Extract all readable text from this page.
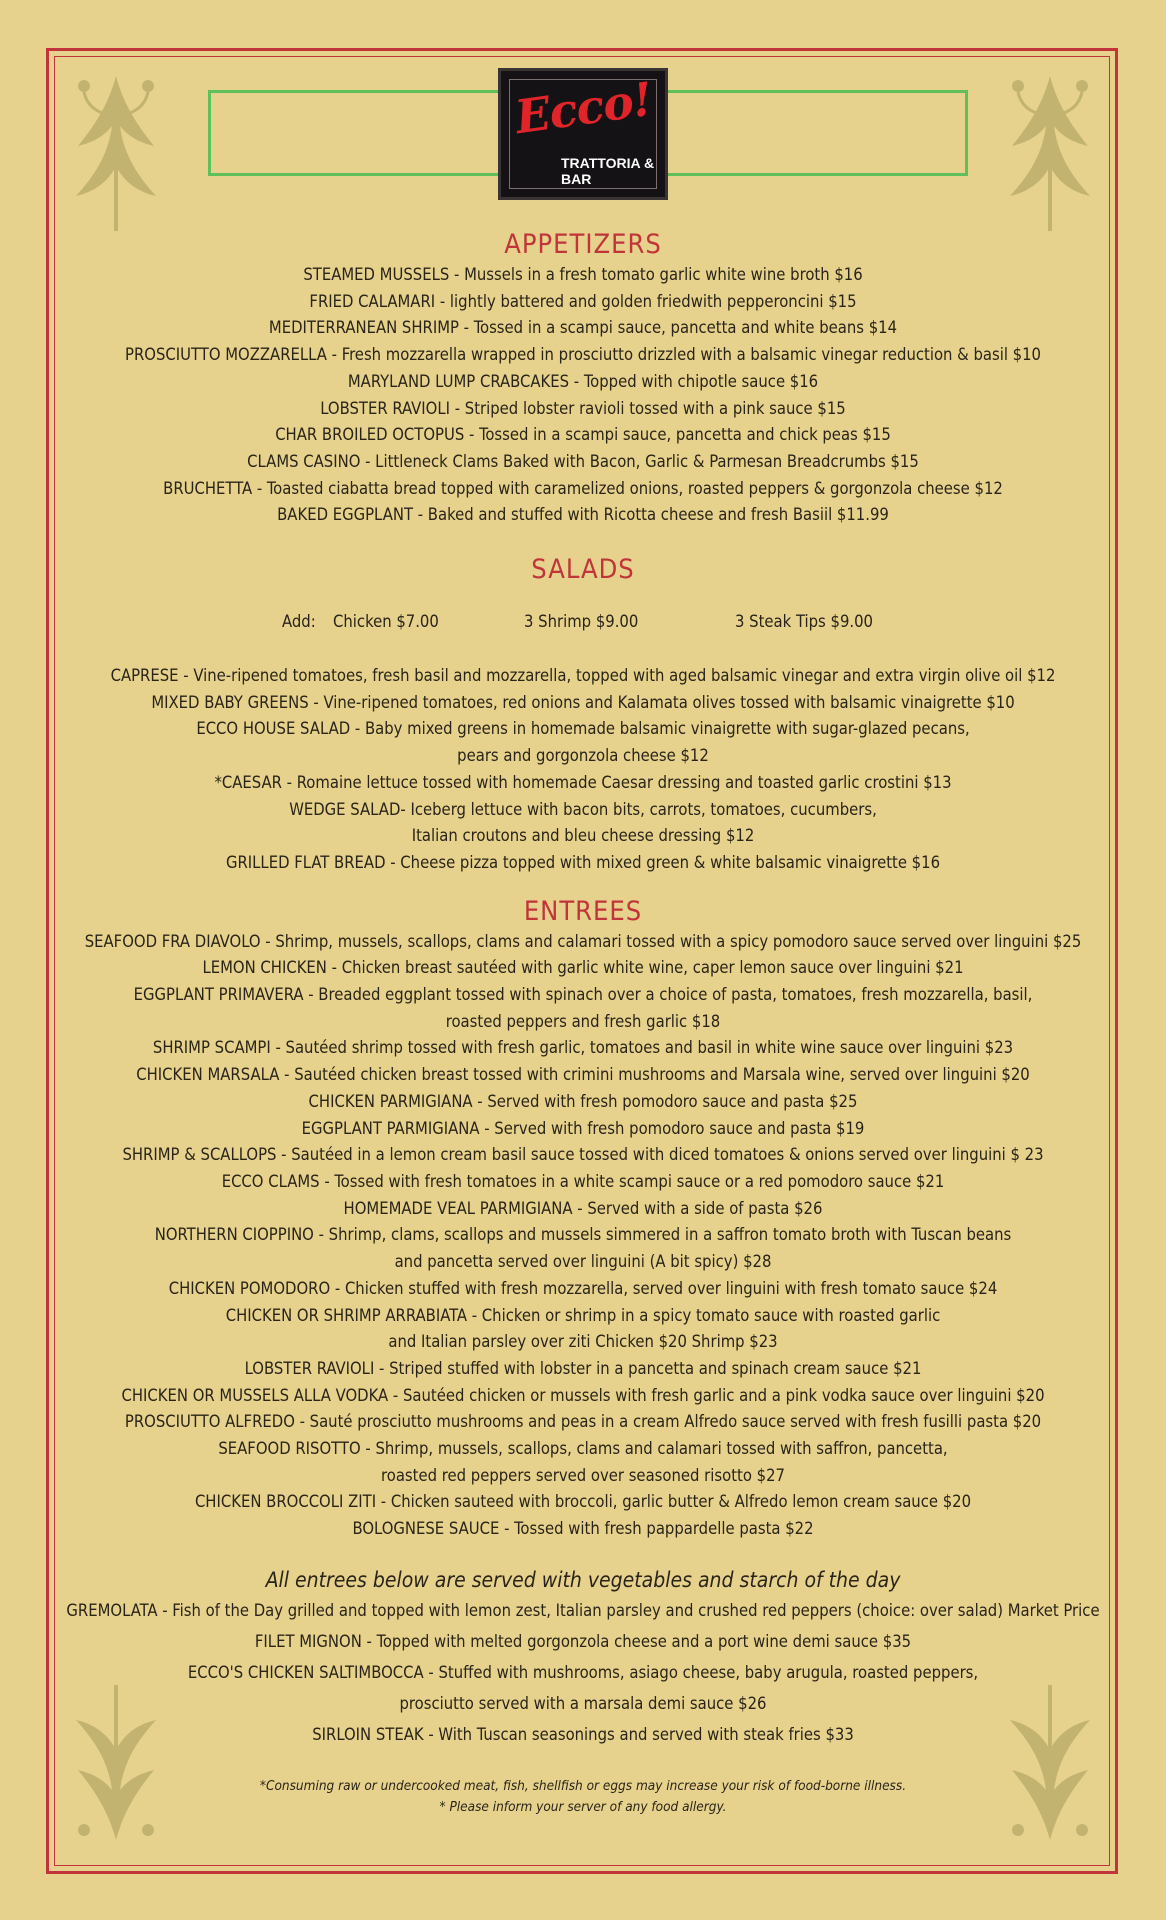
Ecco!
TRATTORIA & BAR
APPETIZERS
STEAMED MUSSELS - Mussels in a fresh tomato garlic white wine broth $16
FRIED CALAMARI - lightly battered and golden friedwith pepperoncini $15
MEDITERRANEAN SHRIMP - Tossed in a scampi sauce, pancetta and white beans $14
PROSCIUTTO MOZZARELLA - Fresh mozzarella wrapped in prosciutto drizzled with a balsamic vinegar reduction & basil $10
MARYLAND LUMP CRABCAKES - Topped with chipotle sauce $16
LOBSTER RAVIOLI - Striped lobster ravioli tossed with a pink sauce $15
CHAR BROILED OCTOPUS - Tossed in a scampi sauce, pancetta and chick peas $15
CLAMS CASINO - Littleneck Clams Baked with Bacon, Garlic & Parmesan Breadcrumbs $15
BRUCHETTA - Toasted ciabatta bread topped with caramelized onions, roasted peppers & gorgonzola cheese $12
BAKED EGGPLANT - Baked and stuffed with Ricotta cheese and fresh Basiil $11.99
SALADS
Add: Chicken $7.00	3 Shrimp $9.00	3 Steak Tips $9.00
CAPRESE - Vine-ripened tomatoes, fresh basil and mozzarella, topped with aged balsamic vinegar and extra virgin olive oil $12
MIXED BABY GREENS - Vine-ripened tomatoes, red onions and Kalamata olives tossed with balsamic vinaigrette $10
ECCO HOUSE SALAD - Baby mixed greens in homemade balsamic vinaigrette with sugar-glazed pecans,
pears and gorgonzola cheese $12
*CAESAR - Romaine lettuce tossed with homemade Caesar dressing and toasted garlic crostini $13
WEDGE SALAD- Iceberg lettuce with bacon bits, carrots, tomatoes, cucumbers,
Italian croutons and bleu cheese dressing $12
GRILLED FLAT BREAD - Cheese pizza topped with mixed green & white balsamic vinaigrette $16
ENTREES
SEAFOOD FRA DIAVOLO - Shrimp, mussels, scallops, clams and calamari tossed with a spicy pomodoro sauce served over linguini $25
LEMON CHICKEN - Chicken breast sautéed with garlic white wine, caper lemon sauce over linguini $21
EGGPLANT PRIMAVERA - Breaded eggplant tossed with spinach over a choice of pasta, tomatoes, fresh mozzarella, basil,
roasted peppers and fresh garlic $18
SHRIMP SCAMPI - Sautéed shrimp tossed with fresh garlic, tomatoes and basil in white wine sauce over linguini $23
CHICKEN MARSALA - Sautéed chicken breast tossed with crimini mushrooms and Marsala wine, served over linguini $20
CHICKEN PARMIGIANA - Served with fresh pomodoro sauce and pasta $25
EGGPLANT PARMIGIANA - Served with fresh pomodoro sauce and pasta $19
SHRIMP & SCALLOPS - Sautéed in a lemon cream basil sauce tossed with diced tomatoes & onions served over linguini $ 23
ECCO CLAMS - Tossed with fresh tomatoes in a white scampi sauce or a red pomodoro sauce $21
HOMEMADE VEAL PARMIGIANA - Served with a side of pasta $26
NORTHERN CIOPPINO - Shrimp, clams, scallops and mussels simmered in a saffron tomato broth with Tuscan beans
and pancetta served over linguini (A bit spicy) $28
CHICKEN POMODORO - Chicken stuffed with fresh mozzarella, served over linguini with fresh tomato sauce $24
CHICKEN OR SHRIMP ARRABIATA - Chicken or shrimp in a spicy tomato sauce with roasted garlic
and Italian parsley over ziti Chicken $20 Shrimp $23
LOBSTER RAVIOLI - Striped stuffed with lobster in a pancetta and spinach cream sauce $21
CHICKEN OR MUSSELS ALLA VODKA - Sautéed chicken or mussels with fresh garlic and a pink vodka sauce over linguini $20
PROSCIUTTO ALFREDO - Sauté prosciutto mushrooms and peas in a cream Alfredo sauce served with fresh fusilli pasta $20
SEAFOOD RISOTTO - Shrimp, mussels, scallops, clams and calamari tossed with saffron, pancetta,
roasted red peppers served over seasoned risotto $27
CHICKEN BROCCOLI ZITI - Chicken sauteed with broccoli, garlic butter & Alfredo lemon cream sauce $20
BOLOGNESE SAUCE - Tossed with fresh pappardelle pasta $22
All entrees below are served with vegetables and starch of the day
GREMOLATA - Fish of the Day grilled and topped with lemon zest, Italian parsley and crushed red peppers (choice: over salad) Market Price
FILET MIGNON - Topped with melted gorgonzola cheese and a port wine demi sauce $35
ECCO'S CHICKEN SALTIMBOCCA - Stuffed with mushrooms, asiago cheese, baby arugula, roasted peppers,
prosciutto served with a marsala demi sauce $26
SIRLOIN STEAK - With Tuscan seasonings and served with steak fries $33
*Consuming raw or undercooked meat, fish, shellfish or eggs may increase your risk of food-borne illness.
* Please inform your server of any food allergy.
